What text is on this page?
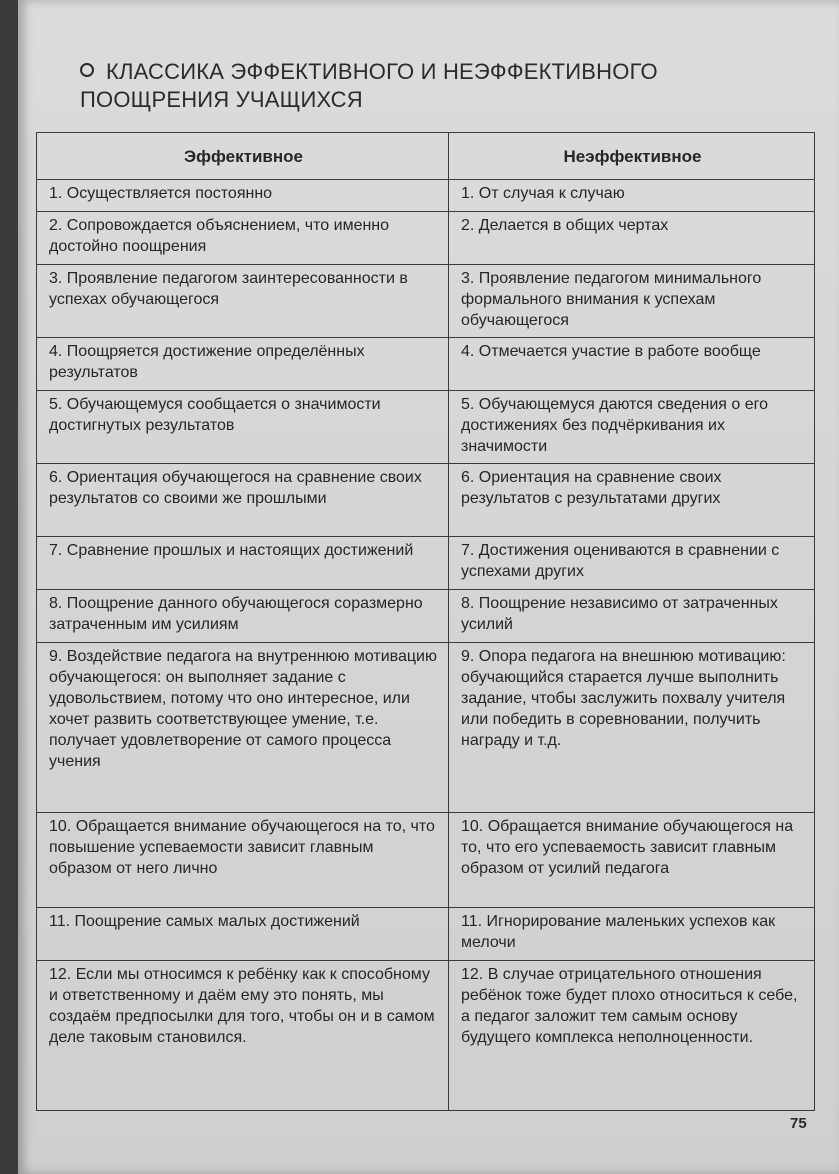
КЛАССИКА ЭФФЕКТИВНОГО И НЕЭФФЕКТИВНОГО ПООЩРЕНИЯ УЧАЩИХСЯ
Эффективное	Неэффективное
1. Осуществляется постоянно	1. От случая к случаю
2. Сопровождается объяснением, что именно достойно поощрения	2. Делается в общих чертах
3. Проявление педагогом заинтересованности в успехах обучающегося	3. Проявление педагогом минимального формального внимания к успехам обучающегося
4. Поощряется достижение определённых результатов	4. Отмечается участие в работе вообще
5. Обучающемуся сообщается о значимости достигнутых результатов	5. Обучающемуся даются сведения о его достижениях без подчёркивания их значимости
6. Ориентация обучающегося на сравнение своих результатов со своими же прошлыми	6. Ориентация на сравнение своих результатов с результатами других
7. Сравнение прошлых и настоящих достижений	7. Достижения оцениваются в сравнении с успехами других
8. Поощрение данного обучающегося соразмерно затраченным им усилиям	8. Поощрение независимо от затраченных усилий
9. Воздействие педагога на внутреннюю мотивацию обучающегося: он выполняет задание с удовольствием, потому что оно интересное, или хочет развить соответствующее умение, т.е. получает удовлетворение от самого процесса учения	9. Опора педагога на внешнюю мотивацию: обучающийся старается лучше выполнить задание, чтобы заслужить похвалу учителя или победить в соревновании, получить награду и т.д.
10. Обращается внимание обучающегося на то, что повышение успеваемости зависит главным образом от него лично	10. Обращается внимание обучающегося на то, что его успеваемость зависит главным образом от усилий педагога
11. Поощрение самых малых достижений	11. Игнорирование маленьких успехов как мелочи
12. Если мы относимся к ребёнку как к способному и ответственному и даём ему это понять, мы создаём предпосылки для того, чтобы он и в самом деле таковым становился.	12. В случае отрицательного отношения ребёнок тоже будет плохо относиться к себе, а педагог заложит тем самым основу будущего комплекса неполноценности.
75
